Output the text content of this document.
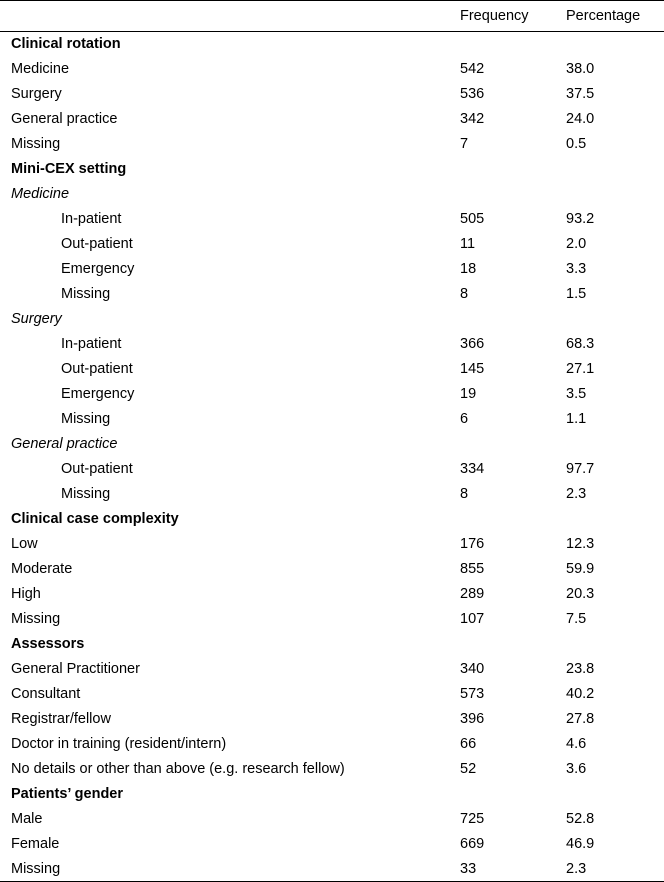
	Frequency	Percentage
Clinical rotation		
Medicine	542	38.0
Surgery	536	37.5
General practice	342	24.0
Missing	7	0.5
Mini-CEX setting		
Medicine		
In-patient	505	93.2
Out-patient	11	2.0
Emergency	18	3.3
Missing	8	1.5
Surgery		
In-patient	366	68.3
Out-patient	145	27.1
Emergency	19	3.5
Missing	6	1.1
General practice		
Out-patient	334	97.7
Missing	8	2.3
Clinical case complexity		
Low	176	12.3
Moderate	855	59.9
High	289	20.3
Missing	107	7.5
Assessors		
General Practitioner	340	23.8
Consultant	573	40.2
Registrar/fellow	396	27.8
Doctor in training (resident/intern)	66	4.6
No details or other than above (e.g. research fellow)	52	3.6
Patients’ gender		
Male	725	52.8
Female	669	46.9
Missing	33	2.3
